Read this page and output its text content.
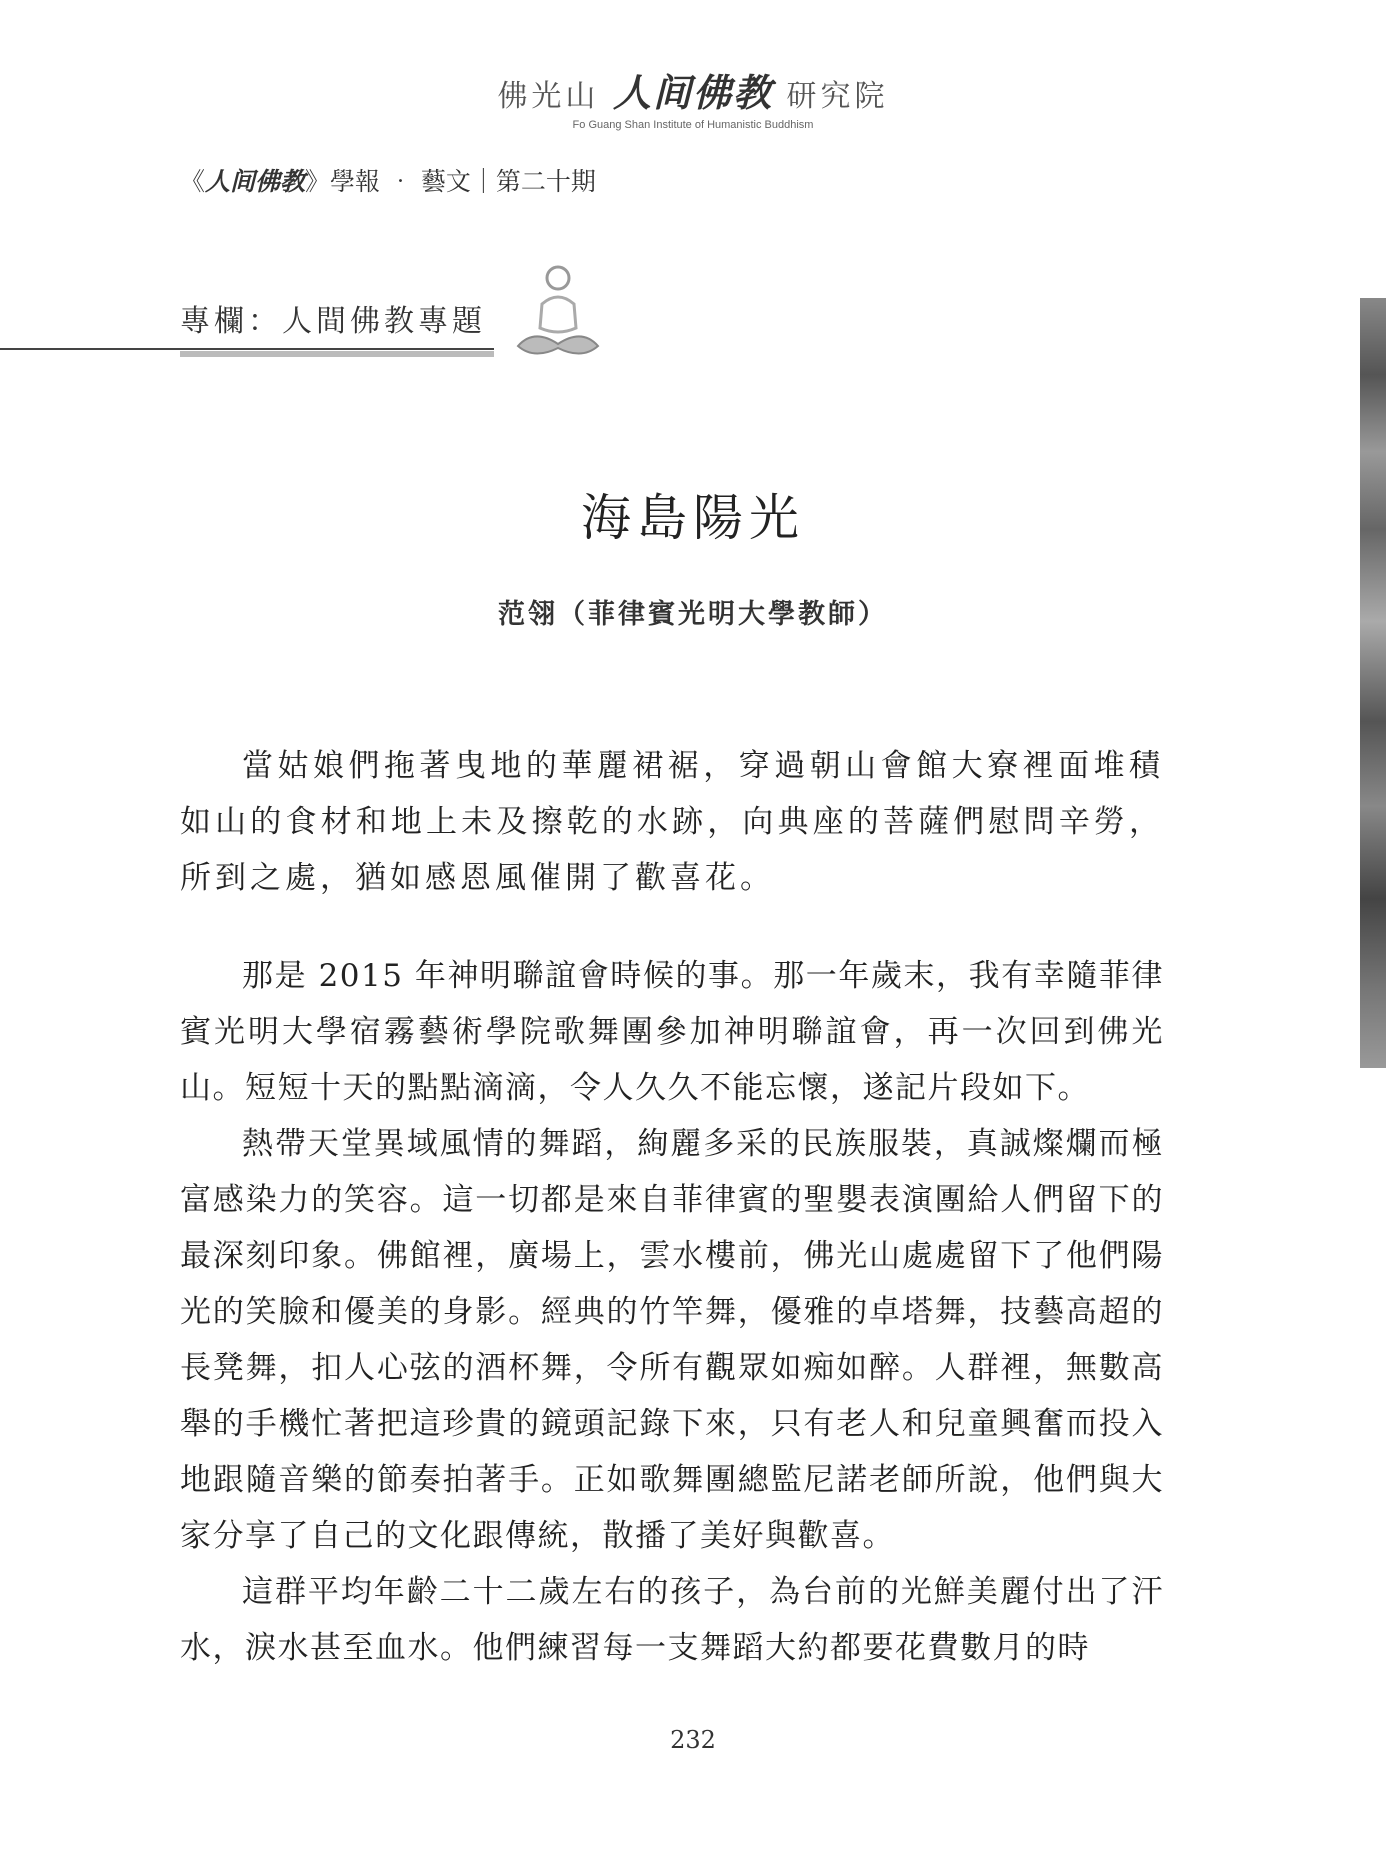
佛光山 人间佛教 研究院
Fo Guang Shan Institute of Humanistic Buddhism
《人间佛教》學報 ‧ 藝文｜第二十期
專欄：人間佛教專題
海島陽光
范翎（菲律賓光明大學教師）

當姑娘們拖著曳地的華麗裙裾，穿過朝山會館大寮裡面堆積如山的食材和地上未及擦乾的水跡，向典座的菩薩們慰問辛勞，所到之處，猶如感恩風催開了歡喜花。

那是 2015 年神明聯誼會時候的事。那一年歲末，我有幸隨菲律賓光明大學宿霧藝術學院歌舞團參加神明聯誼會，再一次回到佛光山。短短十天的點點滴滴，令人久久不能忘懷，遂記片段如下。

熱帶天堂異域風情的舞蹈，絢麗多采的民族服裝，真誠燦爛而極富感染力的笑容。這一切都是來自菲律賓的聖嬰表演團給人們留下的最深刻印象。佛館裡，廣場上，雲水樓前，佛光山處處留下了他們陽光的笑臉和優美的身影。經典的竹竿舞，優雅的卓塔舞，技藝高超的長凳舞，扣人心弦的酒杯舞，令所有觀眾如痴如醉。人群裡，無數高舉的手機忙著把這珍貴的鏡頭記錄下來，只有老人和兒童興奮而投入地跟隨音樂的節奏拍著手。正如歌舞團總監尼諾老師所說，他們與大家分享了自己的文化跟傳統，散播了美好與歡喜。

這群平均年齡二十二歲左右的孩子，為台前的光鮮美麗付出了汗水，淚水甚至血水。他們練習每一支舞蹈大約都要花費數月的時

232
